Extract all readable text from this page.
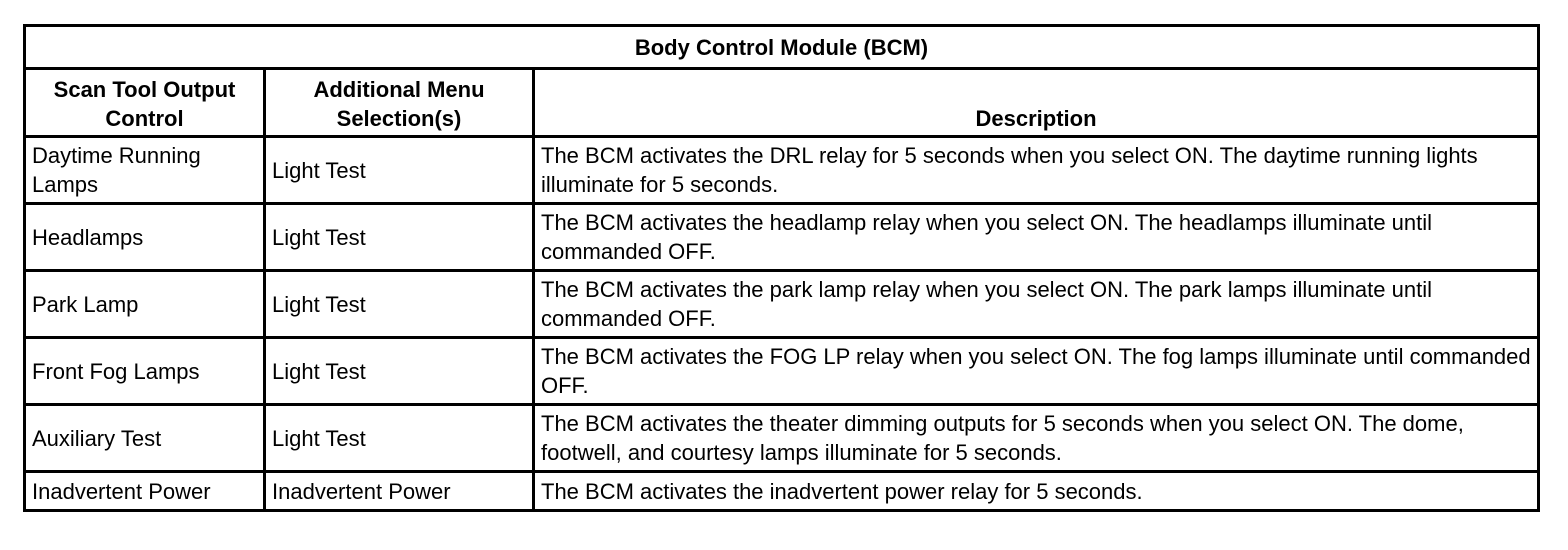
Body Control Module (BCM)		
Scan Tool Output Control	Additional Menu Selection(s)	Description
Daytime Running Lamps	Light Test	The BCM activates the DRL relay for 5 seconds when you select ON. The daytime running lights illuminate for 5 seconds.
Headlamps	Light Test	The BCM activates the headlamp relay when you select ON. The headlamps illuminate until commanded OFF.
Park Lamp	Light Test	The BCM activates the park lamp relay when you select ON. The park lamps illuminate until commanded OFF.
Front Fog Lamps	Light Test	The BCM activates the FOG LP relay when you select ON. The fog lamps illuminate until commanded OFF.
Auxiliary Test	Light Test	The BCM activates the theater dimming outputs for 5 seconds when you select ON. The dome, footwell, and courtesy lamps illuminate for 5 seconds.
Inadvertent Power	Inadvertent Power	The BCM activates the inadvertent power relay for 5 seconds.
